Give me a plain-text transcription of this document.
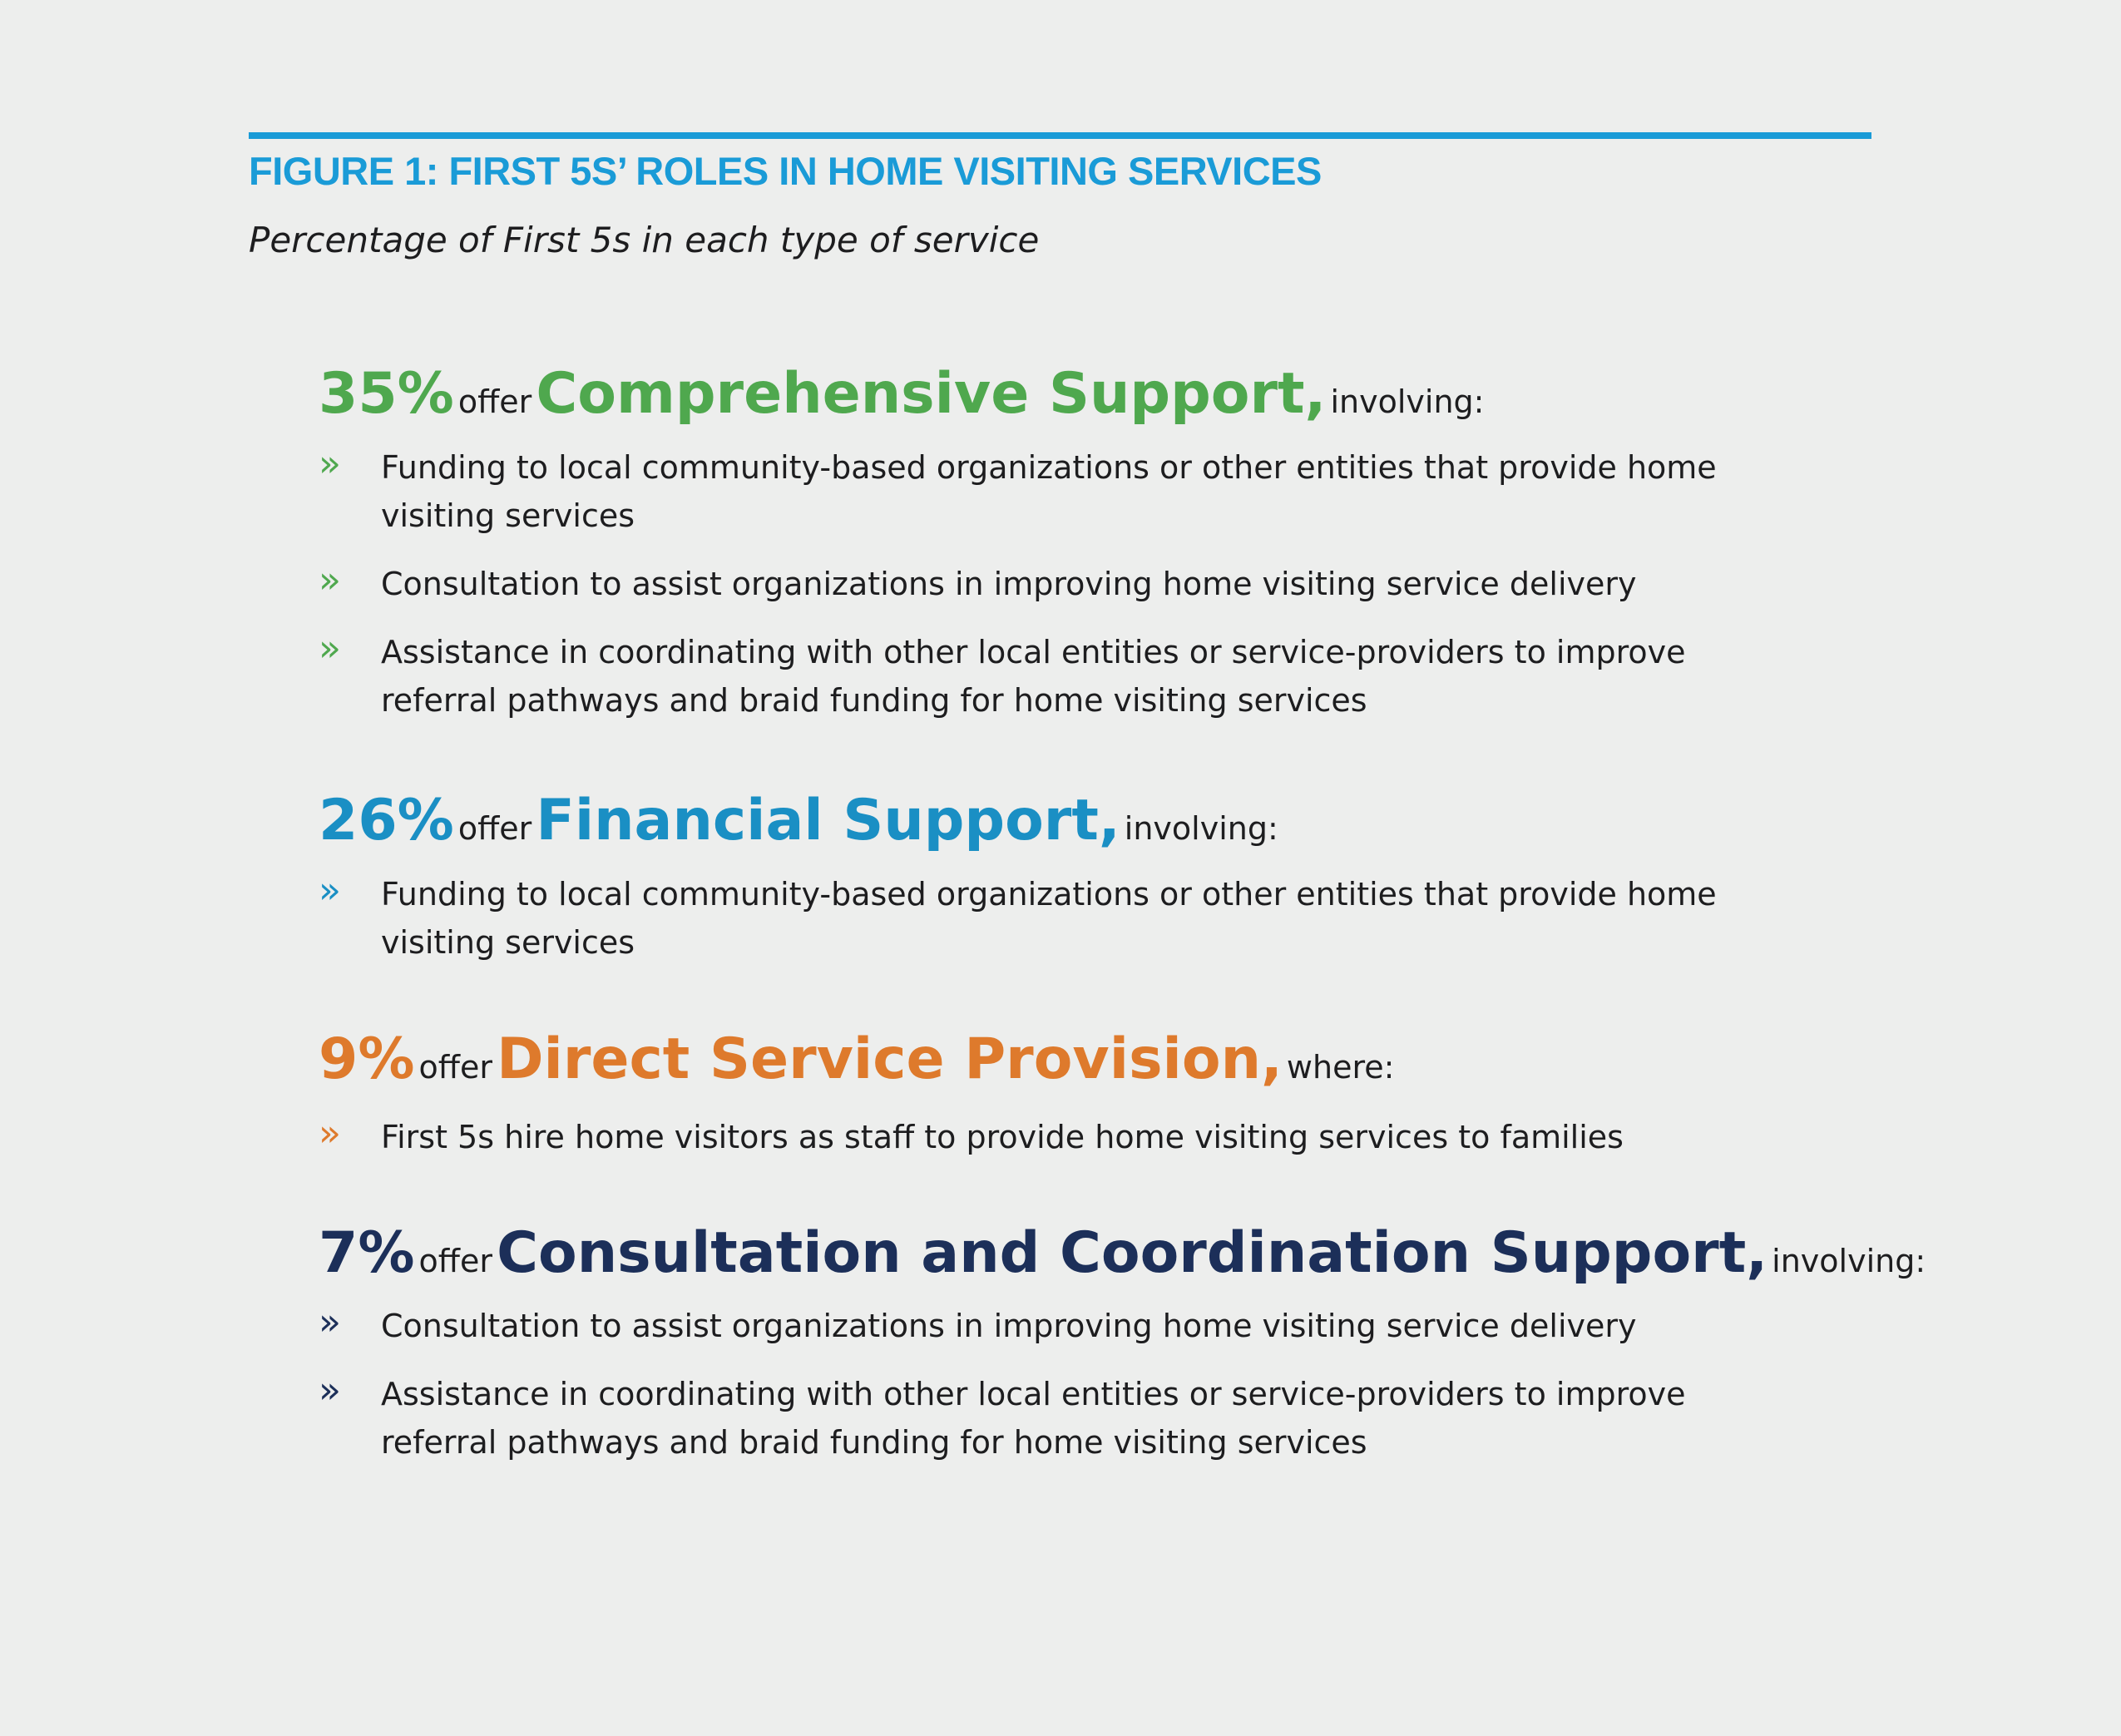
FIGURE 1: FIRST 5S’ ROLES IN HOME VISITING SERVICES
Percentage of First 5s in each type of service
35% offer Comprehensive Support, involving:
» Funding to local community-based organizations or other entities that provide home visiting services
» Consultation to assist organizations in improving home visiting service delivery
» Assistance in coordinating with other local entities or service-providers to improve referral pathways and braid funding for home visiting services
26% offer Financial Support, involving:
» Funding to local community-based organizations or other entities that provide home visiting services
9% offer Direct Service Provision, where:
» First 5s hire home visitors as staff to provide home visiting services to families
7% offer Consultation and Coordination Support, involving:
» Consultation to assist organizations in improving home visiting service delivery
» Assistance in coordinating with other local entities or service-providers to improve referral pathways and braid funding for home visiting services
